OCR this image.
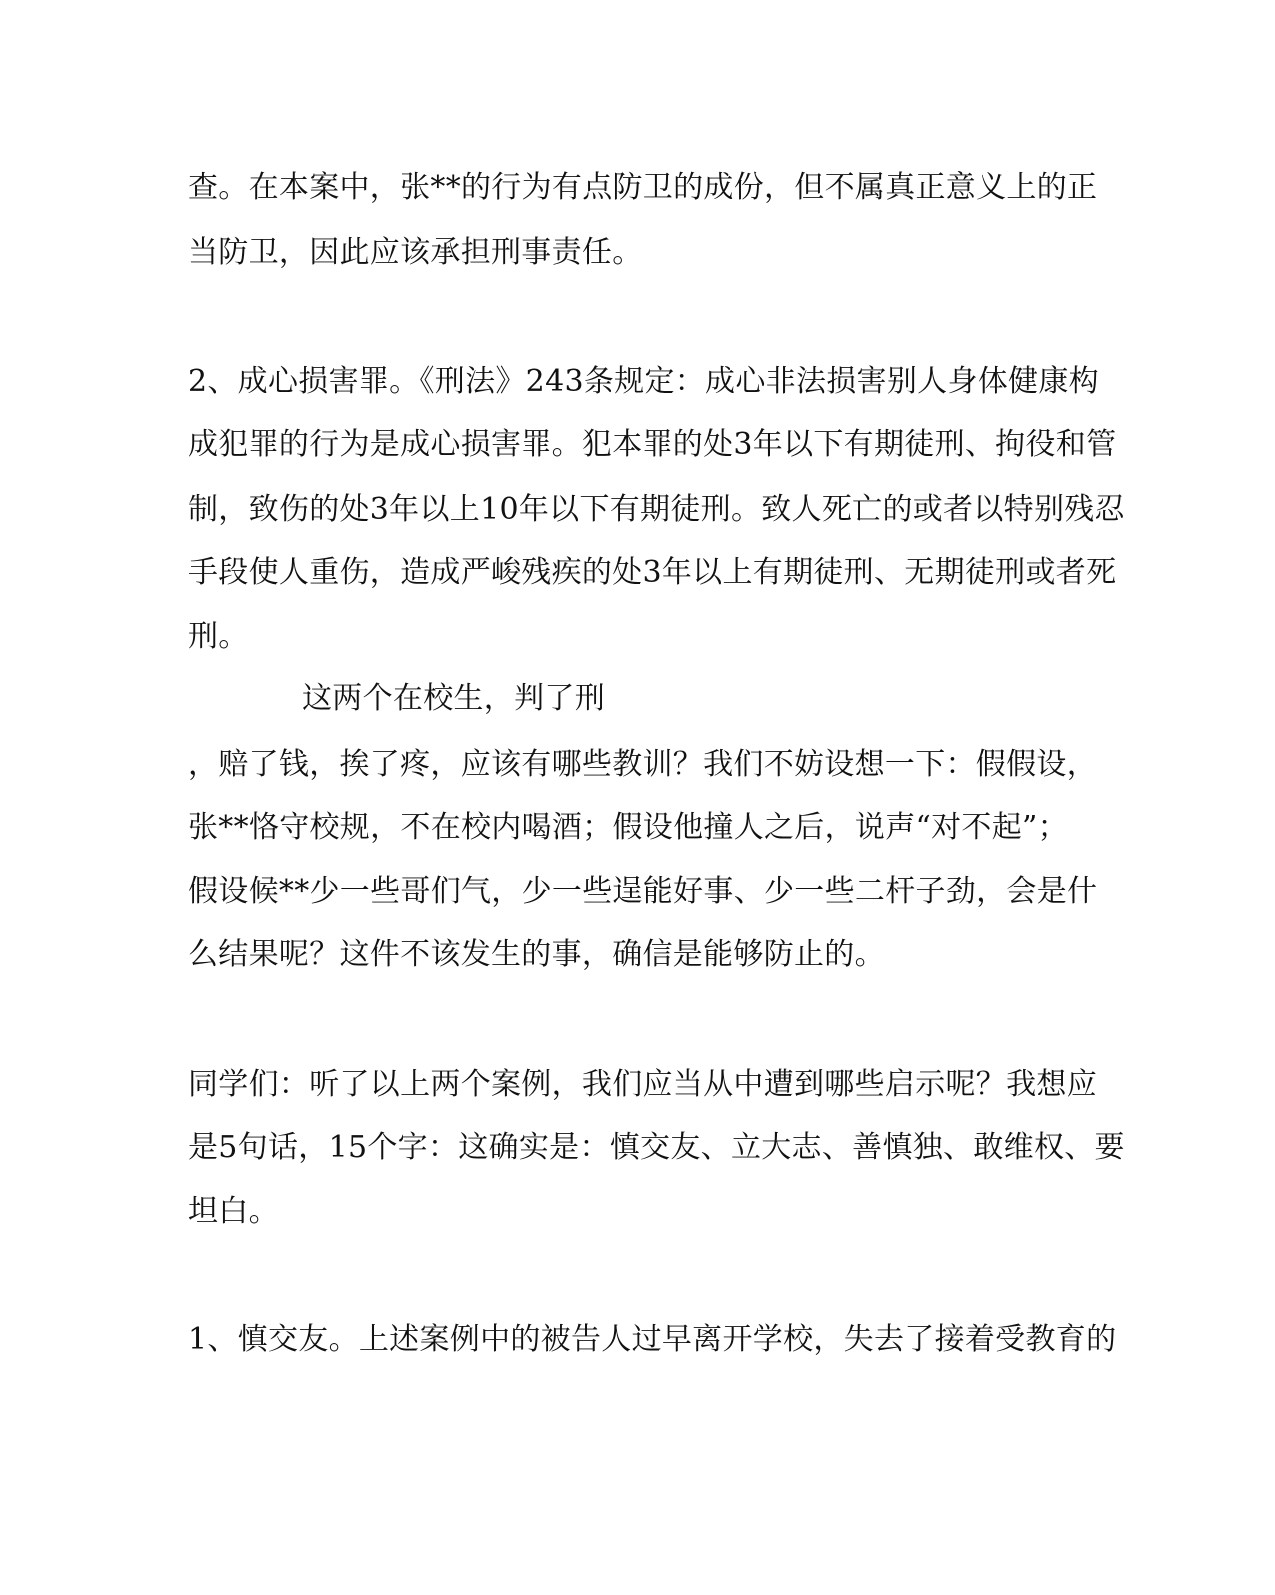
查。在本案中，张**的行为有点防卫的成份，但不属真正意义上的正
当防卫，因此应该承担刑事责任。
2、成心损害罪。《刑法》243条规定：成心非法损害别人身体健康构
成犯罪的行为是成心损害罪。犯本罪的处3年以下有期徒刑、拘役和管
制，致伤的处3年以上10年以下有期徒刑。致人死亡的或者以特别残忍
手段使人重伤，造成严峻残疾的处3年以上有期徒刑、无期徒刑或者死
刑。
这两个在校生，判了刑
，赔了钱，挨了疼，应该有哪些教训？我们不妨设想一下：假假设，
张**恪守校规，不在校内喝酒；假设他撞人之后，说声“对不起”；
假设候**少一些哥们气，少一些逞能好事、少一些二杆子劲，会是什
么结果呢？这件不该发生的事，确信是能够防止的。
同学们：听了以上两个案例，我们应当从中遭到哪些启示呢？我想应
是5句话，15个字：这确实是：慎交友、立大志、善慎独、敢维权、要
坦白。
1、慎交友。上述案例中的被告人过早离开学校，失去了接着受教育的
